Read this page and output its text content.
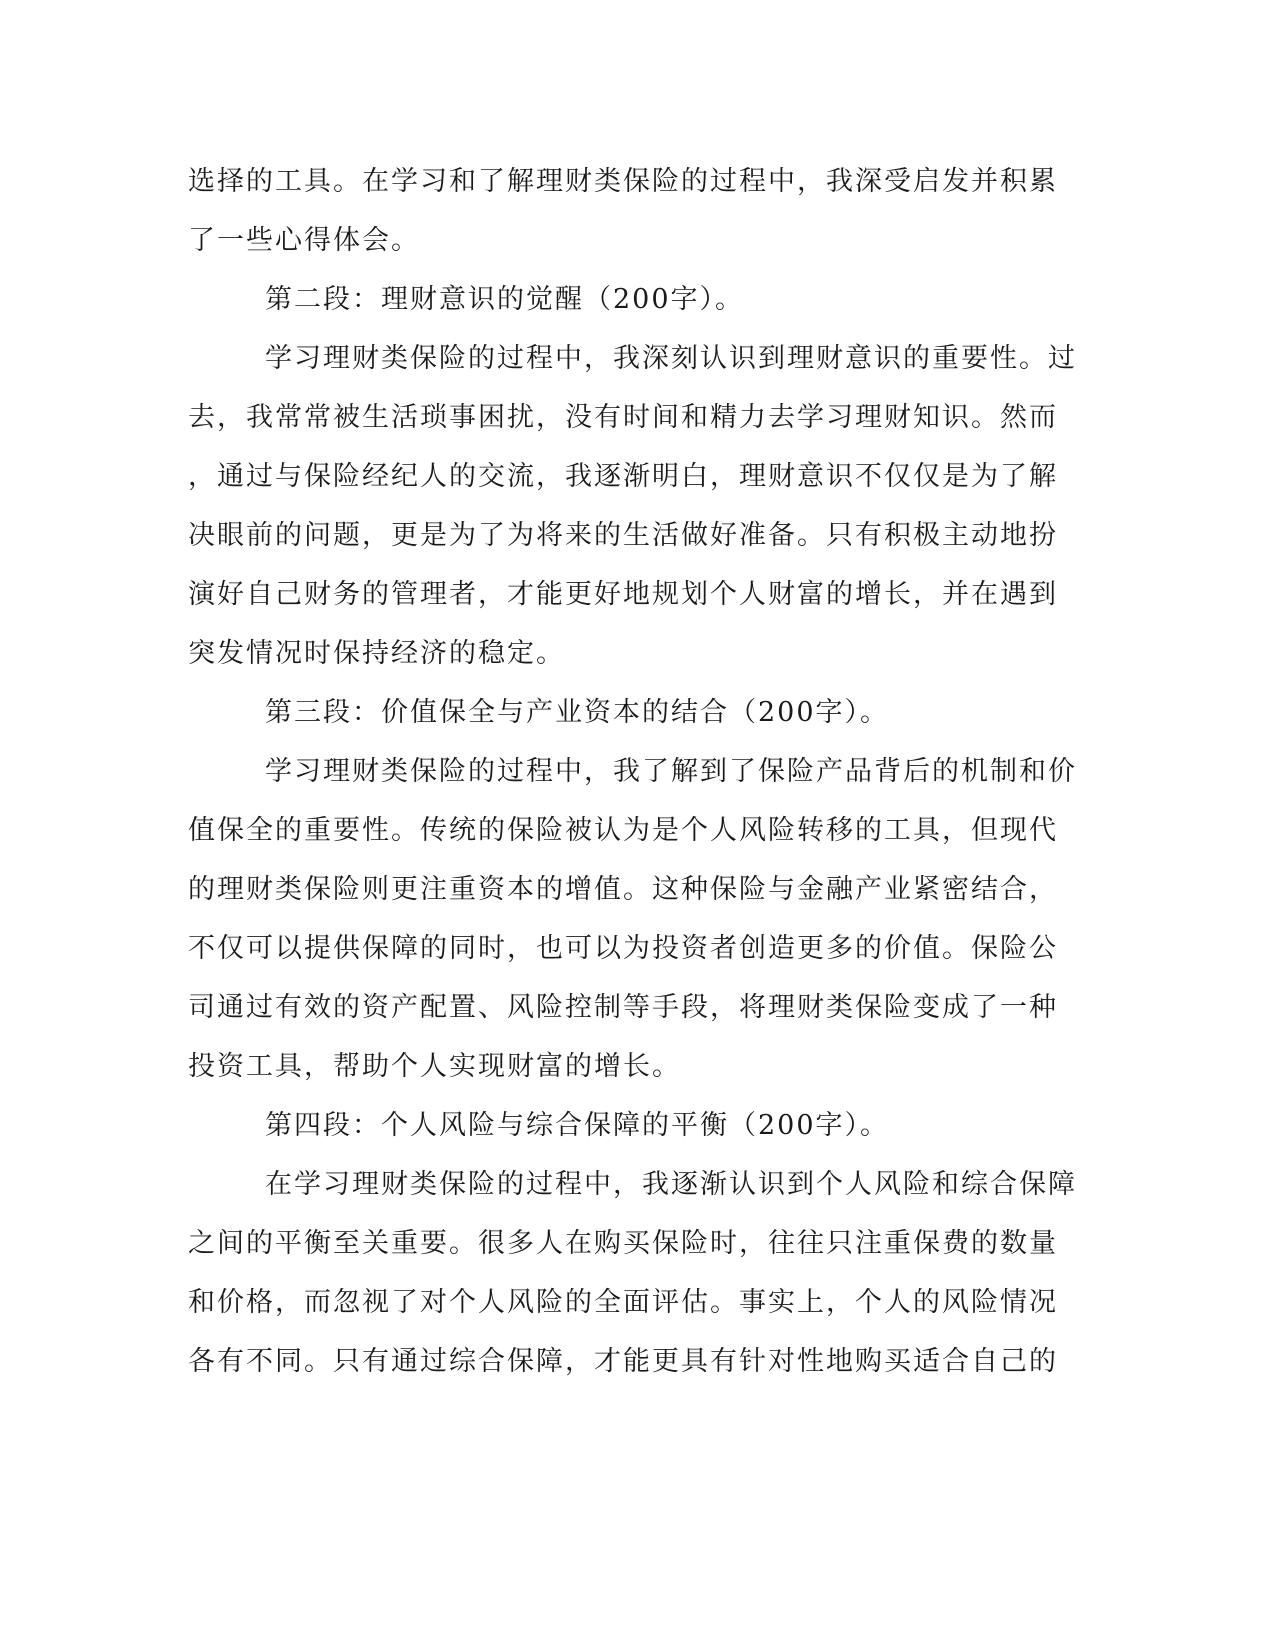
选择的工具。在学习和了解理财类保险的过程中，我深受启发并积累
了一些心得体会。
第二段：理财意识的觉醒（200字）。
学习理财类保险的过程中，我深刻认识到理财意识的重要性。过
去，我常常被生活琐事困扰，没有时间和精力去学习理财知识。然而
，通过与保险经纪人的交流，我逐渐明白，理财意识不仅仅是为了解
决眼前的问题，更是为了为将来的生活做好准备。只有积极主动地扮
演好自己财务的管理者，才能更好地规划个人财富的增长，并在遇到
突发情况时保持经济的稳定。
第三段：价值保全与产业资本的结合（200字）。
学习理财类保险的过程中，我了解到了保险产品背后的机制和价
值保全的重要性。传统的保险被认为是个人风险转移的工具，但现代
的理财类保险则更注重资本的增值。这种保险与金融产业紧密结合，
不仅可以提供保障的同时，也可以为投资者创造更多的价值。保险公
司通过有效的资产配置、风险控制等手段，将理财类保险变成了一种
投资工具，帮助个人实现财富的增长。
第四段：个人风险与综合保障的平衡（200字）。
在学习理财类保险的过程中，我逐渐认识到个人风险和综合保障
之间的平衡至关重要。很多人在购买保险时，往往只注重保费的数量
和价格，而忽视了对个人风险的全面评估。事实上，个人的风险情况
各有不同。只有通过综合保障，才能更具有针对性地购买适合自己的
